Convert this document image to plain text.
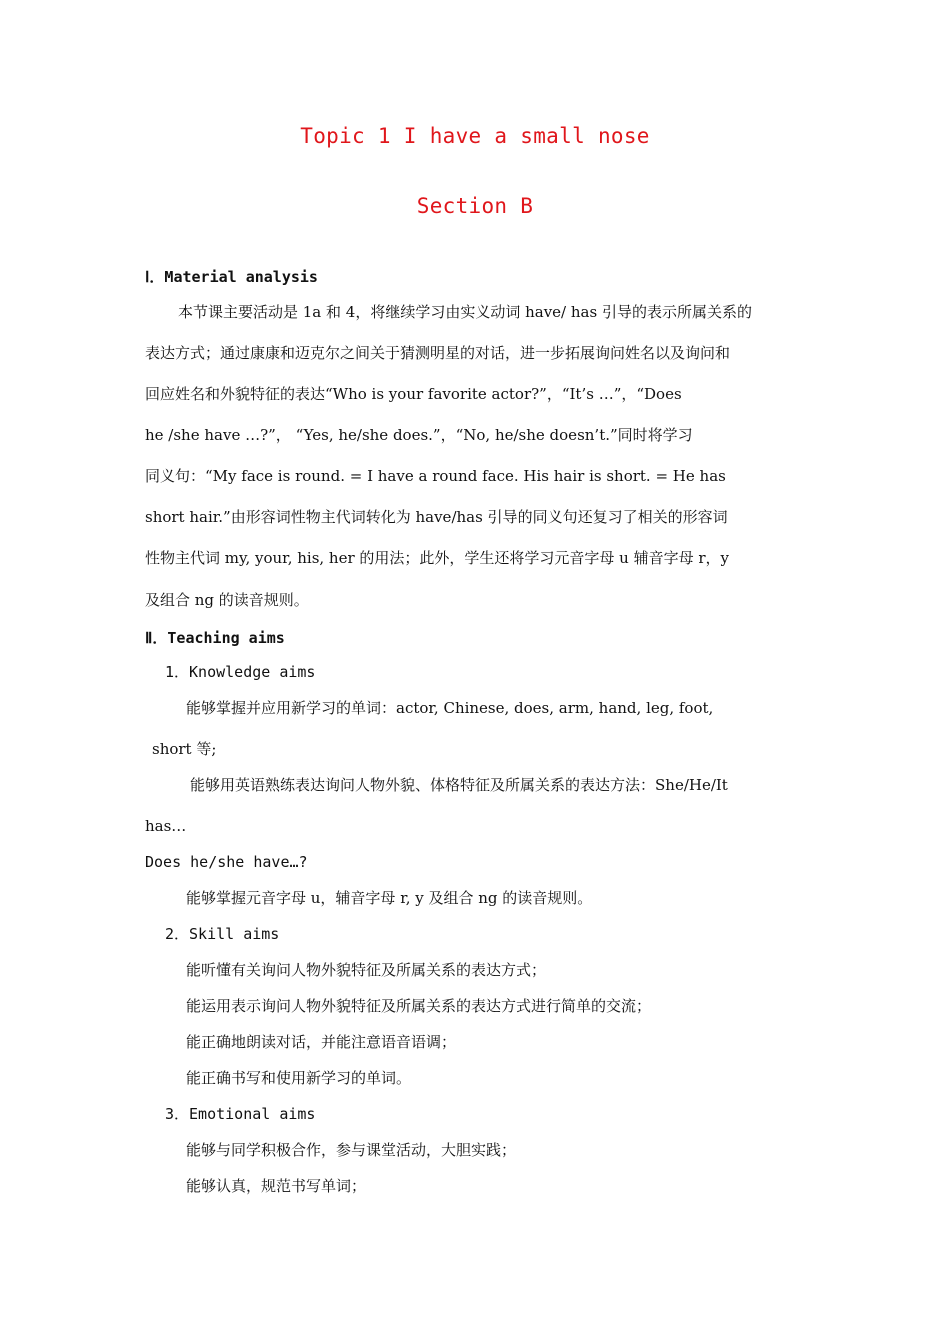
Topic 1 I have a small nose
Section B
Ⅰ．Material analysis
本节课主要活动是 1a 和 4，将继续学习由实义动词 have/ has 引导的表示所属关系的
表达方式；通过康康和迈克尔之间关于猜测明星的对话，进一步拓展询问姓名以及询问和
回应姓名和外貌特征的表达“Who is your favorite actor?”，“It’s …”，“Does
he /she have …?”， “Yes, he/she does.”，“No, he/she doesn’t.”同时将学习
同义句：“My face is round. = I have a round face. His hair is short. = He has
short hair.”由形容词性物主代词转化为 have/has 引导的同义句还复习了相关的形容词
性物主代词 my, your, his, her 的用法；此外，学生还将学习元音字母 u 辅音字母 r，y
及组合 ng 的读音规则。
Ⅱ．Teaching aims
1．Knowledge aims
能够掌握并应用新学习的单词：actor, Chinese, does, arm, hand, leg, foot,
short 等;
能够用英语熟练表达询问人物外貌、体格特征及所属关系的表达方法：She/He/It
has…
Does he/she have…?
能够掌握元音字母 u，辅音字母 r, y 及组合 ng 的读音规则。
2．Skill aims
能听懂有关询问人物外貌特征及所属关系的表达方式；
能运用表示询问人物外貌特征及所属关系的表达方式进行简单的交流；
能正确地朗读对话，并能注意语音语调；
能正确书写和使用新学习的单词。
3．Emotional aims
能够与同学积极合作，参与课堂活动，大胆实践；
能够认真，规范书写单词；
